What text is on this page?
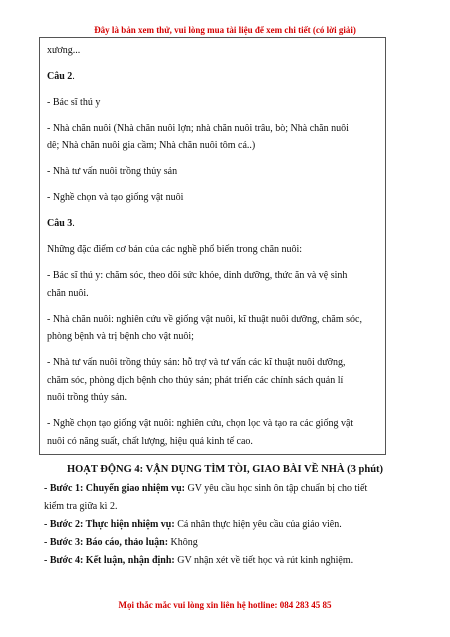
Đây là bản xem thử, vui lòng mua tài liệu để xem chi tiết (có lời giải)
xương...
Câu 2.
- Bác sĩ thú y
- Nhà chăn nuôi (Nhà chăn nuôi lợn; nhà chăn nuôi trâu, bò; Nhà chăn nuôi
dê; Nhà chăn nuôi gia cầm; Nhà chăn nuôi tôm cá..)
- Nhà tư vấn nuôi trồng thủy sản
- Nghề chọn và tạo giống vật nuôi
Câu 3.
Những đặc điểm cơ bản của các nghề phổ biến trong chăn nuôi:
- Bác sĩ thú y: chăm sóc, theo dõi sức khỏe, dinh dưỡng, thức ăn và vệ sinh
chăn nuôi.
- Nhà chăn nuôi: nghiên cứu về giống vật nuôi, kĩ thuật nuôi dưỡng, chăm sóc,
phòng bệnh và trị bệnh cho vật nuôi;
- Nhà tư vấn nuôi trồng thủy sản: hỗ trợ và tư vấn các kĩ thuật nuôi dưỡng,
chăm sóc, phòng dịch bệnh cho thủy sản; phát triển các chính sách quản lí
nuôi trồng thủy sản.
- Nghề chọn tạo giống vật nuôi: nghiên cứu, chọn lọc và tạo ra các giống vật
nuôi có năng suất, chất lượng, hiệu quả kinh tế cao.
HOẠT ĐỘNG 4: VẬN DỤNG TÌM TÒI, GIAO BÀI VỀ NHÀ (3 phút)
- Bước 1: Chuyển giao nhiệm vụ: GV yêu cầu học sinh ôn tập chuẩn bị cho tiết
kiểm tra giữa kì 2.
- Bước 2: Thực hiện nhiệm vụ: Cá nhân thực hiện yêu cầu của giáo viên.
- Bước 3: Báo cáo, thảo luận: Không
- Bước 4: Kết luận, nhận định: GV nhận xét về tiết học và rút kinh nghiệm.
Mọi thắc mắc vui lòng xin liên hệ hotline: 084 283 45 85
